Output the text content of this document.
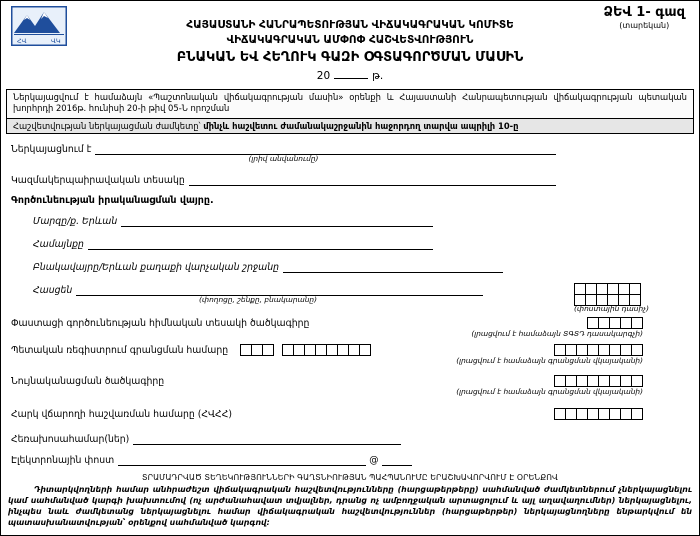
ՀՎ	ՎԿ
ՁԵՎ 1- գազ
(տարեկան)
ՀԱՅԱՍՏԱՆԻ ՀԱՆՐԱՊԵՏՈՒԹՅԱՆ ՎԻՃԱԿԱԳՐԱԿԱՆ ԿՈՄԻՏԵ
ՎԻՃԱԿԱԳՐԱԿԱՆ ԱՄՓՈՓ ՀԱՇՎԵՏՎՈՒԹՅՈՒՆ
ԲՆԱԿԱՆ ԵՎ ՀԵՂՈՒԿ ԳԱԶԻ ՕԳՏԱԳՈՐԾՄԱՆ ՄԱՍԻՆ
20	թ.
Ներկայացվում է համաձայն «Պաշտոնական վիճակագրության մասին» օրենքի և Հայաստանի Հանրապետության վիճակագրության պետական խորհրդի 2016թ. հունիսի 20-ի թիվ 05-Ն որոշման
Հաշվետվության ներկայացման ժամկետը՝ մինչև հաշվետու ժամանակաշրջանին հաջորդող տարվա ապրիլի 10-ը
Ներկայացնում է
(լրիվ անվանումը)
Կազմակերպաիրավական տեսակը
Գործունեության իրականացման վայրը.
Մարզը/ք. Երևան
Համայնքը
Բնակավայրը/Երևան քաղաքի վարչական շրջանը
Հասցեն
(փողոցը, շենքը, բնակարանը)
(փոստային դասիչ)
Փաստացի գործունեության հիմնական տեսակի ծածկագիրը
(լրացվում է համաձայն ՏԳՏԴ դասակարգչի)
Պետական ռեգիստրում գրանցման համարը
(լրացվում է համաձայն գրանցման վկայականի)
Նույնականացման ծածկագիրը
(լրացվում է համաձայն գրանցման վկայականի)
Հարկ վճարողի հաշվառման համարը (ՀՎՀՀ)
Հեռախոսահամար(ներ)
Էլեկտրոնային փոստ	@
ՏՐԱՄԱԴՐՎԱԾ ՏԵՂԵԿՈՒԹՅՈՒՆՆԵՐԻ ԳԱՂՏՆԻՈՒԹՅԱՆ ՊԱՀՊԱՆՈՒՄԸ ԵՐԱՇԽԱՎՈՐՎՈՒՄ Է ՕՐԵՆՔՈՎ
Դիտարկվողների համար անհրաժեշտ վիճակագրական հաշվետվությունները (հարցաթերթերը) սահմանված ժամկետներում չներկայացնելու կամ սահմանված կարգի խախտումով (ոչ արժանահավատ տվյալներ, դրանց ոչ ամբողջական արտացոլում և այլ աղավաղումներ) ներկայացնելու, ինչպես նաև ժամկետանց ներկայացնելու համար վիճակագրական հաշվետվություններ (հարցաթերթեր) ներկայացնողները ենթարկվում են պատասխանատվության՝ օրենքով սահմանված կարգով:
